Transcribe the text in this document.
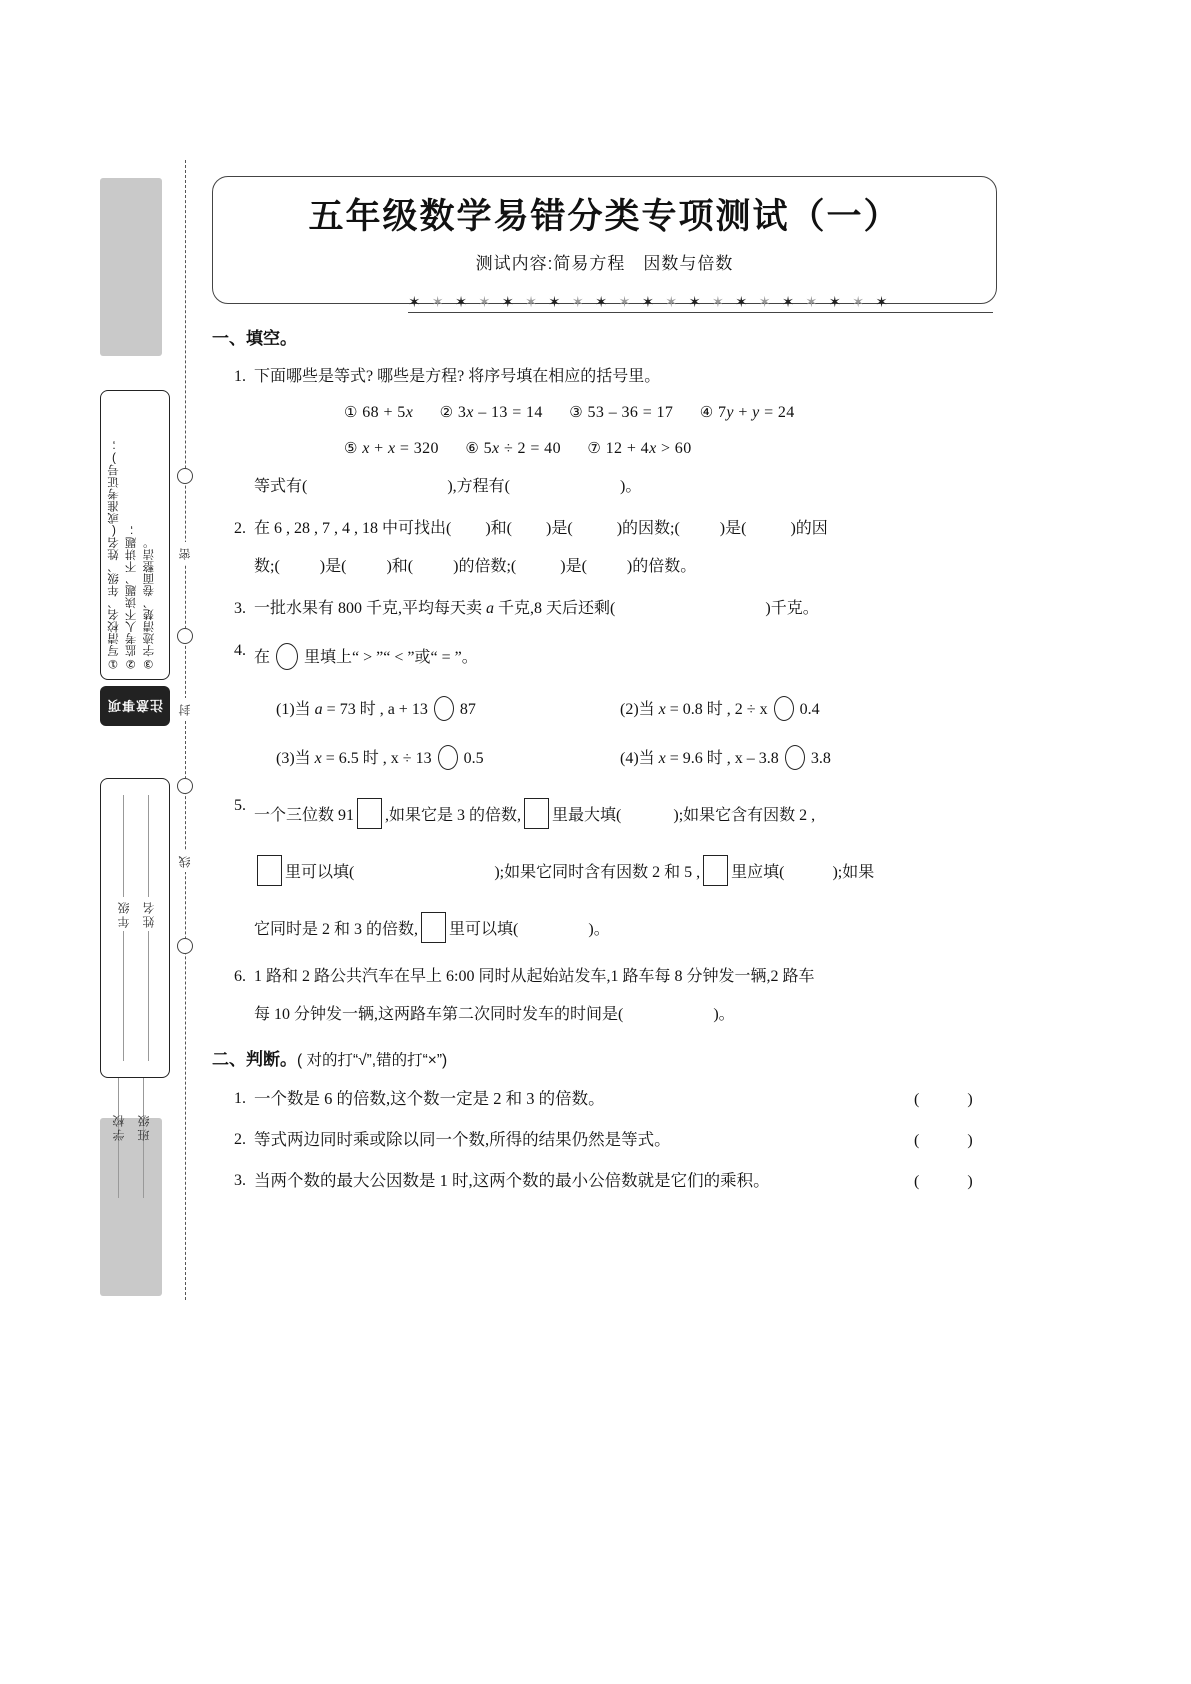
①写清校名、年级、姓名(或准考证号); ②监考人不读题、不讲题; ③字迹清楚、卷面整洁。
注意事项
年级 姓名
学校 班级
密
封
线
五年级数学易错分类专项测试（一）
测试内容:简易方程　因数与倍数
✶ ✶ ✶ ✶ ✶ ✶ ✶ ✶ ✶ ✶ ✶ ✶ ✶ ✶ ✶ ✶ ✶ ✶ ✶ ✶ ✶
一、填空。
1. 下面哪些是等式? 哪些是方程? 将序号填在相应的括号里。
① 68 + 5x ② 3x – 13 = 14 ③ 53 – 36 = 17 ④ 7y + y = 24
⑤ x + x = 320 ⑥ 5x ÷ 2 = 40 ⑦ 12 + 4x > 60
等式有(	),方程有(	)。
2. 在 6 , 28 , 7 , 4 , 18 中可找出( )和( )是(	)的因数;(	)是(	)的因
数;(	)是(	)和(	)的倍数;(	)是(	)的倍数。
3. 一批水果有 800 千克,平均每天卖 a 千克,8 天后还剩(	)千克。
4. 在 里填上“ > ”“ < ”或“ = ”。
(1)当 a = 73 时 , a + 13 87	(2)当 x = 0.8 时 , 2 ÷ x 0.4
(3)当 x = 6.5 时 , x ÷ 13 0.5	(4)当 x = 9.6 时 , x – 3.8 3.8
5.
一个三位数 91 ,如果它是 3 的倍数, 里最大填(	);如果它含有因数 2 ,
里可以填(	);如果它同时含有因数 2 和 5 , 里应填(	);如果
它同时是 2 和 3 的倍数, 里可以填(	)。
6. 1 路和 2 路公共汽车在早上 6:00 同时从起始站发车,1 路车每 8 分钟发一辆,2 路车
每 10 分钟发一辆,这两路车第二次同时发车的时间是(	)。
二、判断。( 对的打“√”,错的打“×”)
1. 一个数是 6 的倍数,这个数一定是 2 和 3 的倍数。	(　　　)
2. 等式两边同时乘或除以同一个数,所得的结果仍然是等式。	(　　　)
3. 当两个数的最大公因数是 1 时,这两个数的最小公倍数就是它们的乘积。	(　　　)
